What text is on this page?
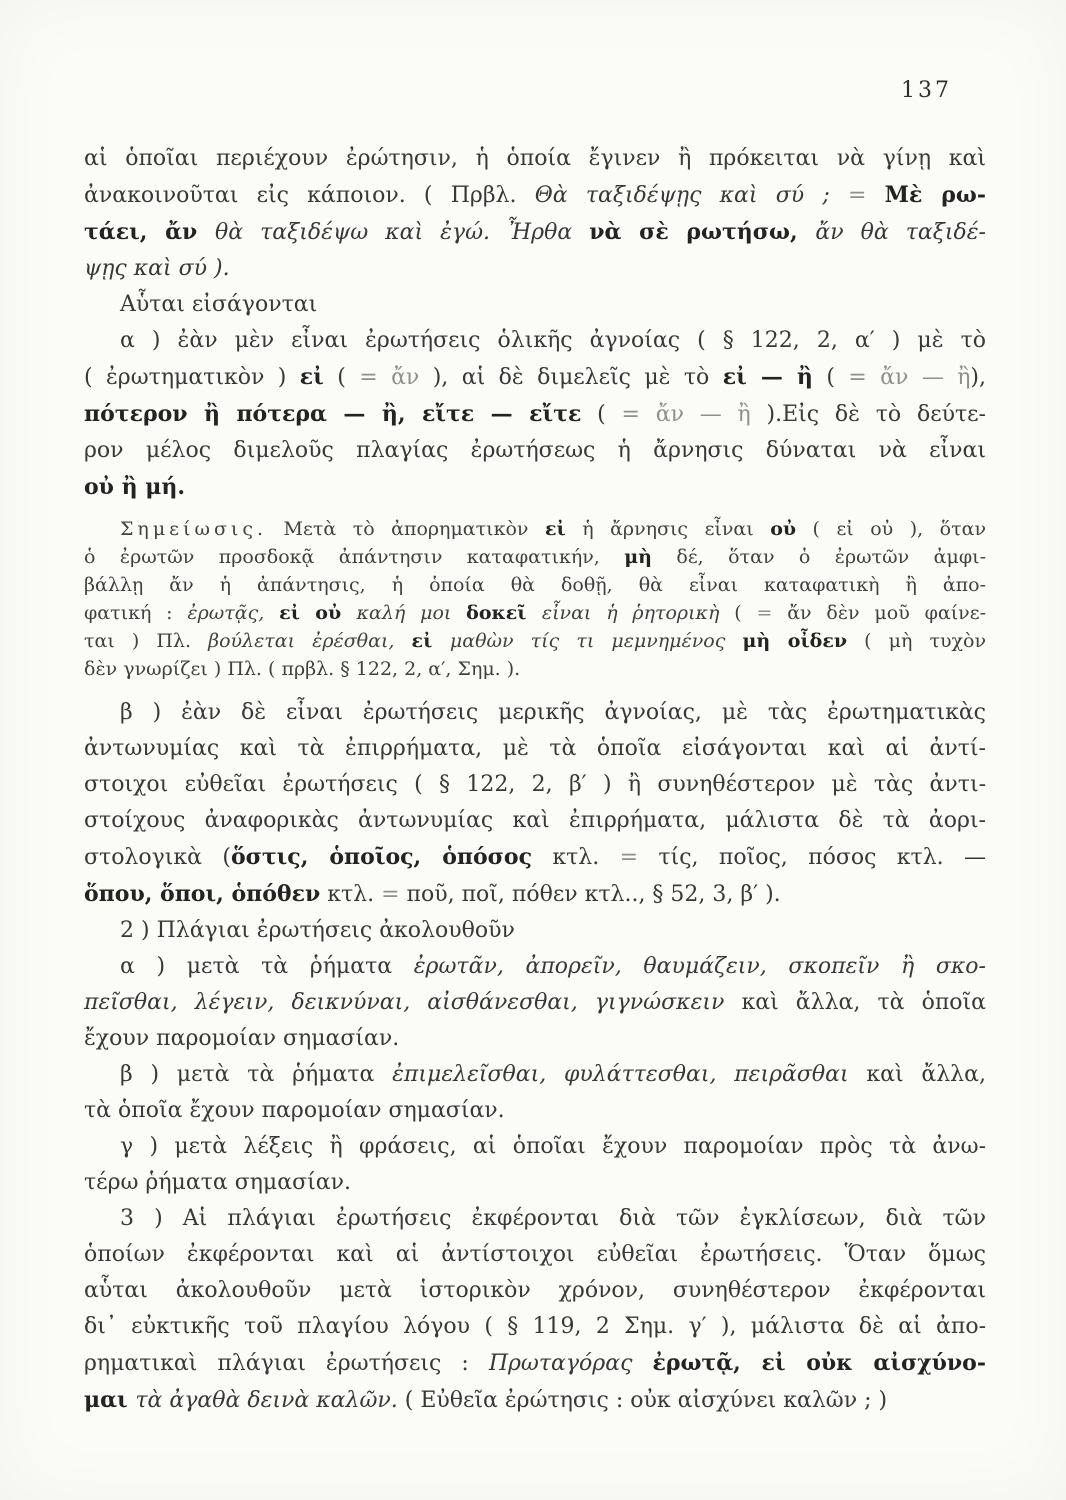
137
αἱ ὁποῖαι περιέχουν ἐρώτησιν, ἡ ὁποία ἔγινεν ἢ πρόκειται νὰ γίνῃ καὶ
ἀνακοινοῦται εἰς κάποιον. ( Πρβλ. Θὰ ταξιδέψῃς καὶ σύ ; = Μὲ ρω-
τάει, ἄν θὰ ταξιδέψω καὶ ἐγώ. Ἦρθα νὰ σὲ ρωτήσω, ἄν θὰ ταξιδέ-
ψῃς καὶ σύ ).
Αὗται εἰσάγονται
α ) ἐὰν μὲν εἶναι ἐρωτήσεις ὁλικῆς ἀγνοίας ( § 122, 2, α′ ) μὲ τὸ
( ἐρωτηματικὸν ) εἰ ( = ἄν ), αἱ δὲ διμελεῖς μὲ τὸ εἰ — ἢ ( = ἄν — ἢ),
πότερον ἢ πότερα — ἢ, εἴτε — εἴτε ( = ἄν — ἢ ).Εἰς δὲ τὸ δεύτε-
ρον μέλος διμελοῦς πλαγίας ἐρωτήσεως ἡ ἄρνησις δύναται νὰ εἶναι
οὐ ἢ μή.
Σημείωσις. Μετὰ τὸ ἀπορηματικὸν εἰ ἡ ἄρνησις εἶναι οὐ ( εἰ οὐ ), ὅταν
ὁ ἐρωτῶν προσδοκᾷ ἀπάντησιν καταφατικήν, μὴ δέ, ὅταν ὁ ἐρωτῶν ἀμφι-
βάλλῃ ἄν ἡ ἀπάντησις, ἡ ὁποία θὰ δοθῇ, θὰ εἶναι καταφατικὴ ἢ ἀπο-
φατική : ἐρωτᾷς, εἰ οὐ καλή μοι δοκεῖ εἶναι ἡ ῥητορικὴ ( = ἄν δὲν μοῦ φαίνε-
ται ) Πλ. βούλεται ἐρέσθαι, εἰ μαθὼν τίς τι μεμνημένος μὴ οἶδεν ( μὴ τυχὸν
δὲν γνωρίζει ) Πλ. ( πρβλ. § 122, 2, α′, Σημ. ).
β ) ἐὰν δὲ εἶναι ἐρωτήσεις μερικῆς ἀγνοίας, μὲ τὰς ἐρωτηματικὰς
ἀντωνυμίας καὶ τὰ ἐπιρρήματα, μὲ τὰ ὁποῖα εἰσάγονται καὶ αἱ ἀντί-
στοιχοι εὐθεῖαι ἐρωτήσεις ( § 122, 2, β′ ) ἢ συνηθέστερον μὲ τὰς ἀντι-
στοίχους ἀναφορικὰς ἀντωνυμίας καὶ ἐπιρρήματα, μάλιστα δὲ τὰ ἀορι-
στολογικὰ (ὅστις, ὁποῖος, ὁπόσος κτλ. = τίς, ποῖος, πόσος κτλ. —
ὅπου, ὅποι, ὁπόθεν κτλ. = ποῦ, ποῖ, πόθεν κτλ.., § 52, 3, β′ ).
2 ) Πλάγιαι ἐρωτήσεις ἀκολουθοῦν
α ) μετὰ τὰ ῥήματα ἐρωτᾶν, ἀπορεῖν, θαυμάζειν, σκοπεῖν ἢ σκο-
πεῖσθαι, λέγειν, δεικνύναι, αἰσθάνεσθαι, γιγνώσκειν καὶ ἄλλα, τὰ ὁποῖα
ἔχουν παρομοίαν σημασίαν.
β ) μετὰ τὰ ῥήματα ἐπιμελεῖσθαι, φυλάττεσθαι, πειρᾶσθαι καὶ ἄλλα,
τὰ ὁποῖα ἔχουν παρομοίαν σημασίαν.
γ ) μετὰ λέξεις ἢ φράσεις, αἱ ὁποῖαι ἔχουν παρομοίαν πρὸς τὰ ἀνω-
τέρω ῥήματα σημασίαν.
3 ) Αἱ πλάγιαι ἐρωτήσεις ἐκφέρονται διὰ τῶν ἐγκλίσεων, διὰ τῶν
ὁποίων ἐκφέρονται καὶ αἱ ἀντίστοιχοι εὐθεῖαι ἐρωτήσεις. Ὅταν ὅμως
αὗται ἀκολουθοῦν μετὰ ἱστορικὸν χρόνον, συνηθέστερον ἐκφέρονται
δι᾽ εὐκτικῆς τοῦ πλαγίου λόγου ( § 119, 2 Σημ. γ′ ), μάλιστα δὲ αἱ ἀπο-
ρηματικαὶ πλάγιαι ἐρωτήσεις : Πρωταγόρας ἐρωτᾷ, εἰ οὐκ αἰσχύνο-
μαι τὰ ἀγαθὰ δεινὰ καλῶν. ( Εὐθεῖα ἐρώτησις : οὐκ αἰσχύνει καλῶν ; )
